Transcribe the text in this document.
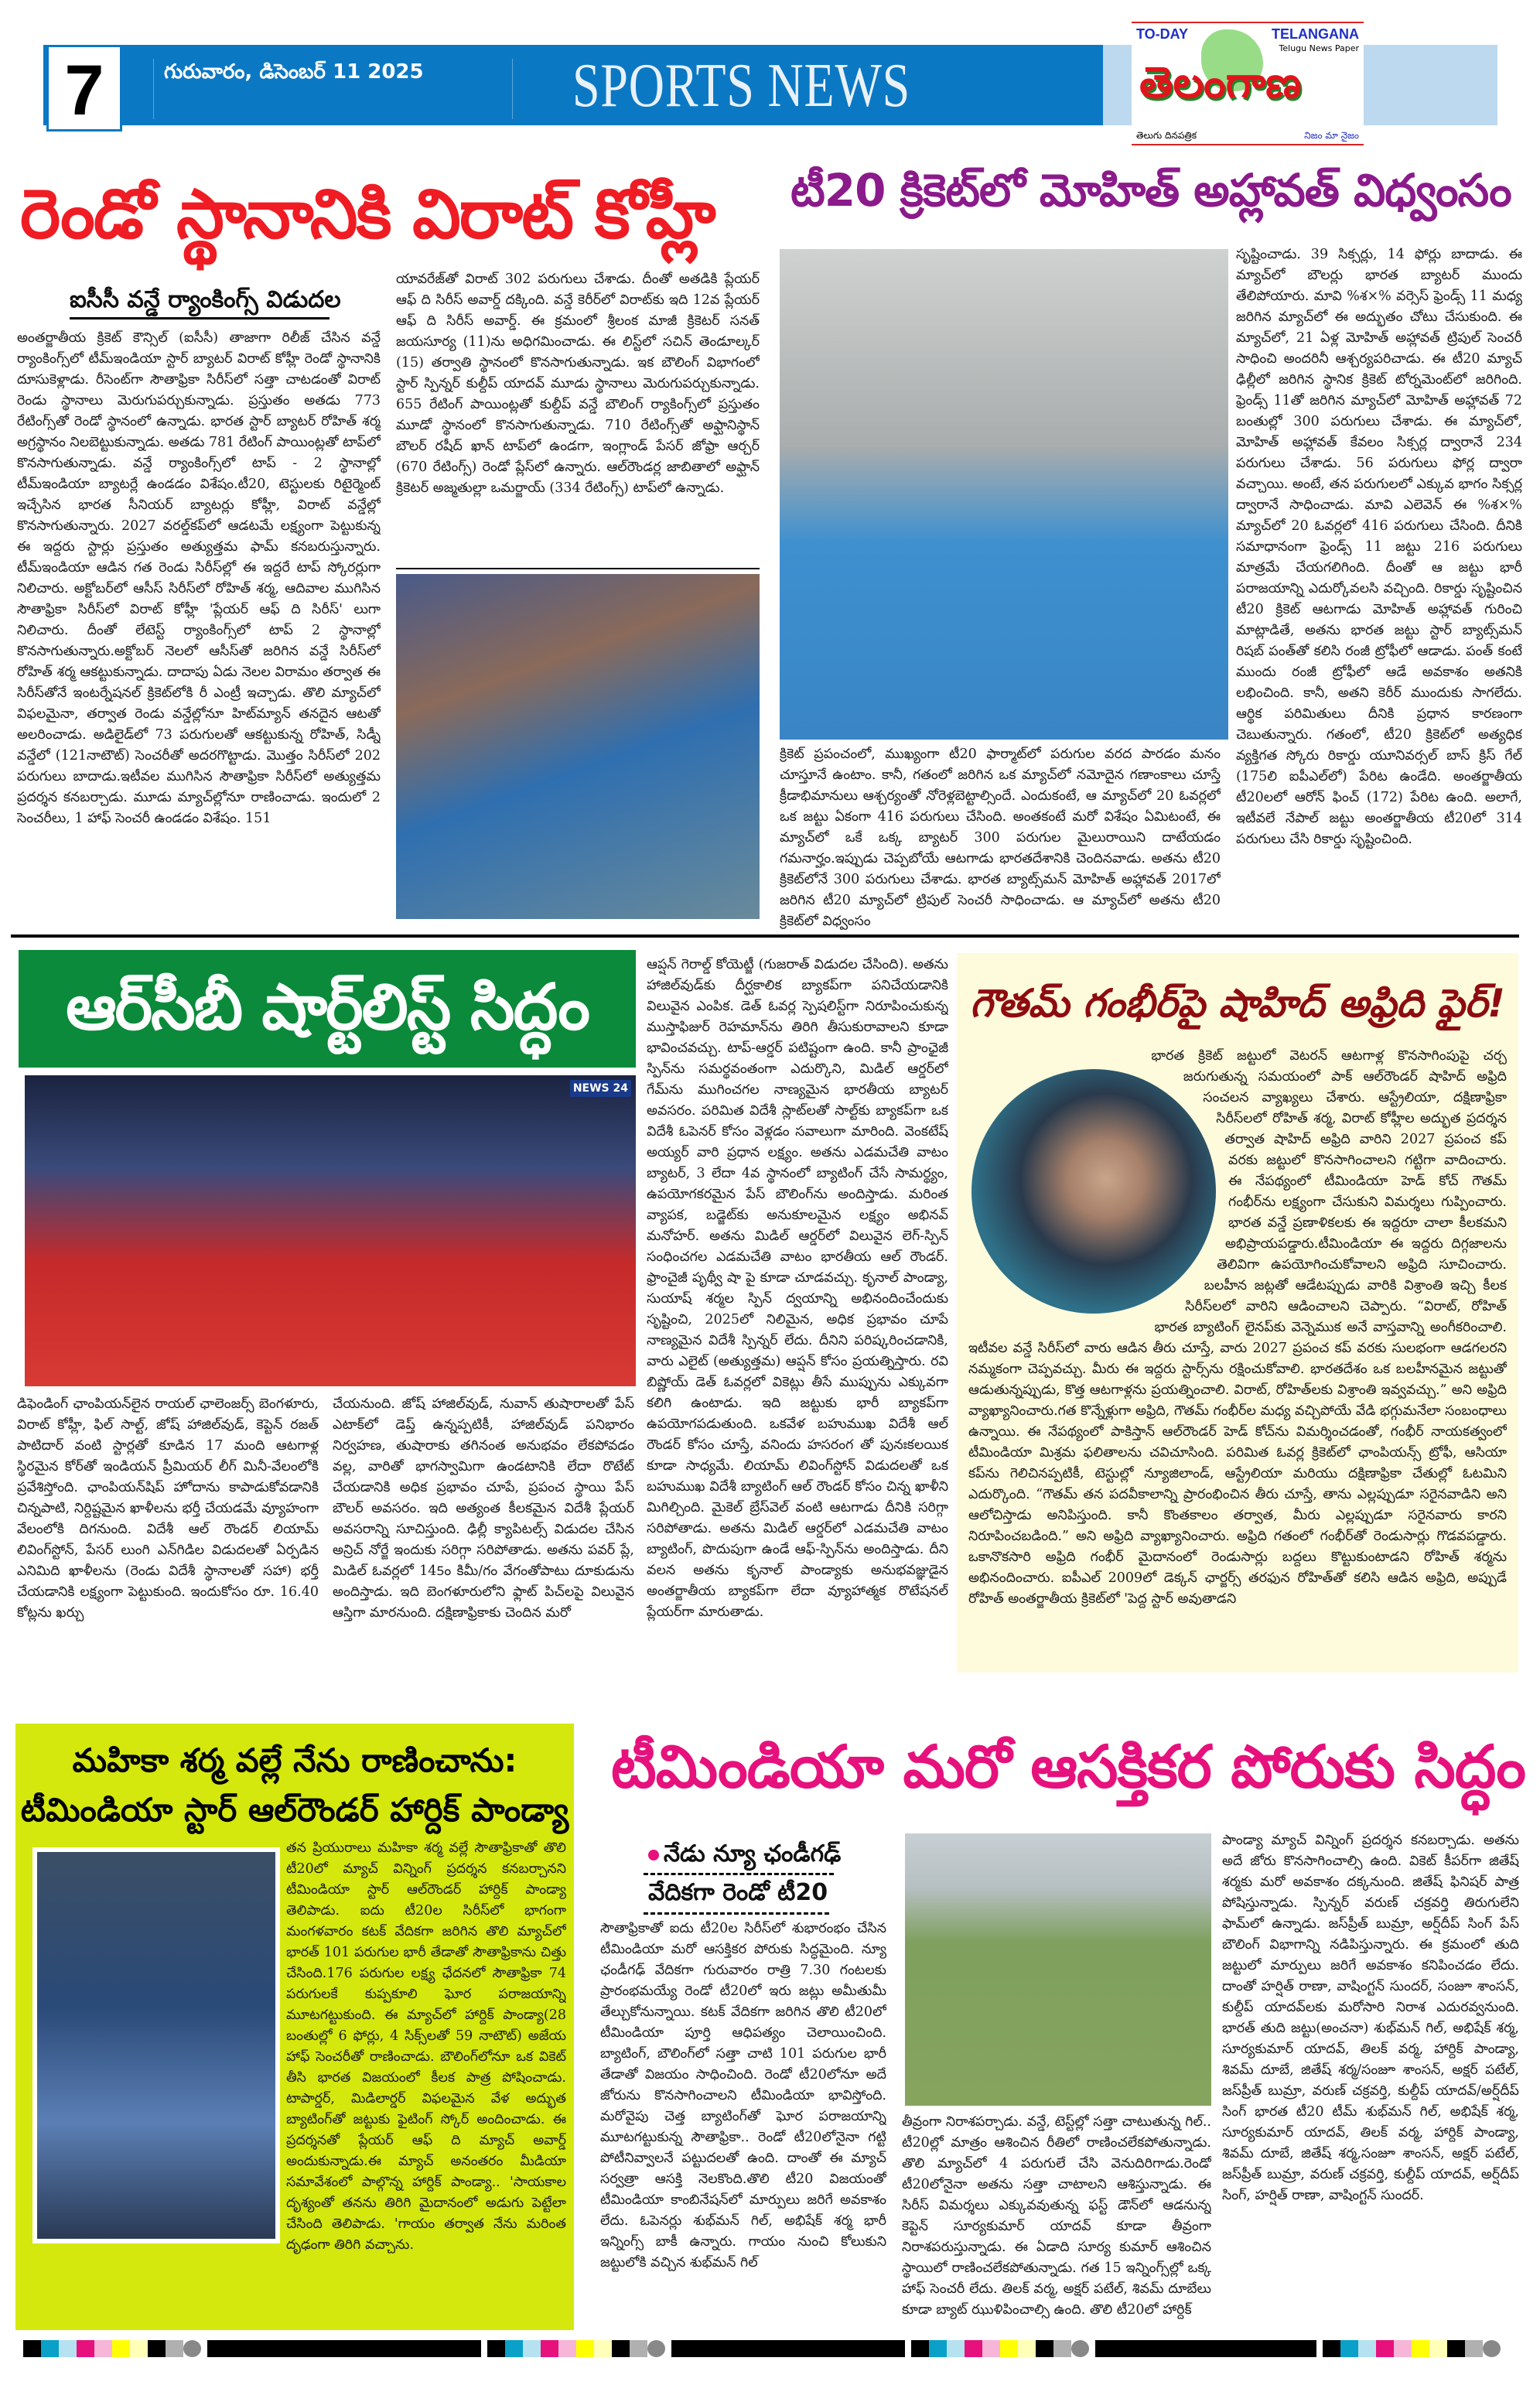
7	గురువారం, డిసెంబర్ 11 2025 SPORTS NEWS
TO-DAY	TELANGANA
Telugu News Paper
తెలంగాణ
తెలుగు దినపత్రిక	నిజం మా నైజం
రెండో స్థానానికి విరాట్ కోహ్లీ
ఐసీసీ వన్డే ర్యాంకింగ్స్ విడుదల
అంతర్జాతీయ క్రికెట్ కౌన్సిల్ (ఐసీసీ) తాజాగా రిలీజ్ చేసిన వన్డే ర్యాంకింగ్స్‌లో టీమ్ఇండియా స్టార్ బ్యాటర్ విరాట్ కోహ్లీ రెండో స్థానానికి దూసుకెళ్లాడు. రీసెంట్‌గా సౌతాఫ్రికా సిరీస్‌లో సత్తా చాటడంతో విరాట్ రెండు స్థానాలు మెరుగుపర్చుకున్నాడు. ప్రస్తుతం అతడు 773 రేటింగ్స్‌తో రెండో స్థానంలో ఉన్నాడు. భారత స్టార్ బ్యాటర్ రోహిత్ శర్మ అగ్రస్థానం నిలబెట్టుకున్నాడు. అతడు 781 రేటింగ్ పాయింట్లతో టాప్‌లో కొనసాగుతున్నాడు. వన్డే ర్యాంకింగ్స్‌లో టాప్ - 2 స్థానాల్లో టీమ్ఇండియా బ్యాటర్లే ఉండడం విశేషం.టీ20, టెస్టులకు రిటైర్మెంట్ ఇచ్చేసిన భారత సీనియర్ బ్యాటర్లు కోహ్లీ, విరాట్ వన్డేల్లో కొనసాగుతున్నారు. 2027 వరల్డ్‌కప్‌లో ఆడటమే లక్ష్యంగా పెట్టుకున్న ఈ ఇద్దరు స్టార్లు ప్రస్తుతం అత్యుత్తమ ఫామ్ కనబరుస్తున్నారు. టీమ్ఇండియా ఆడిన గత రెండు సిరీస్‌ల్లో ఈ ఇద్దరే టాప్ స్కోరర్లుగా నిలిచారు. అక్టోబర్‌లో ఆసీస్ సిరీస్‌లో రోహిత్ శర్మ, ఆదివాల ముగిసిన సౌతాఫ్రికా సిరీస్‌లో విరాట్ కోహ్లీ 'ప్లేయర్ ఆఫ్ ది సిరీస్' లుగా నిలిచారు. దీంతో లేటెస్ట్ ర్యాంకింగ్స్‌లో టాప్ 2 స్థానాల్లో కొనసాగుతున్నారు.అక్టోబర్ నెలలో ఆసీస్‌తో జరిగిన వన్డే సిరీస్‌లో రోహిత్ శర్మ ఆకట్టుకున్నాడు. దాదాపు ఏడు నెలల విరామం తర్వాత ఈ సిరీస్‌తోనే ఇంటర్నేషనల్ క్రికెట్‌లోకి రీ ఎంట్రీ ఇచ్చాడు. తొలి మ్యాచ్‌లో విఫలమైనా, తర్వాత రెండు వన్డేల్లోనూ హిట్‌మ్యాన్ తనదైన ఆటతో అలరించాడు. అడిలైడ్‌లో 73 పరుగులతో ఆకట్టుకున్న రోహిత్, సిడ్నీ వన్డేలో (121నాటౌట్) సెంచరీతో అదరగొట్టాడు. మొత్తం సిరీస్‌లో 202 పరుగులు బాదాడు.ఇటీవల ముగిసిన సౌతాఫ్రికా సిరీస్‌లో అత్యుత్తమ ప్రదర్శన కనబర్చాడు. మూడు మ్యాచ్‌ల్లోనూ రాణించాడు. ఇందులో 2 సెంచరీలు, 1 హాఫ్ సెంచరీ ఉండడం విశేషం. 151
యావరేజ్‌తో విరాట్ 302 పరుగులు చేశాడు. దీంతో అతడికి ప్లేయర్ ఆఫ్ ది సిరీస్ అవార్డ్ దక్కింది. వన్డే కెరీర్‌లో విరాట్‌కు ఇది 12వ ప్లేయర్ ఆఫ్ ది సిరీస్ అవార్డ్. ఈ క్రమంలో శ్రీలంక మాజీ క్రికెటర్ సనత్ జయసూర్య (11)ను అధిగమించాడు. ఈ లిస్ట్‌లో సచిన్ తెండూల్కర్ (15) తర్వాతి స్థానంలో కొనసాగుతున్నాడు. ఇక బౌలింగ్ విభాగంలో స్టార్ స్పిన్నర్ కుల్దీప్ యాదవ్ మూడు స్థానాలు మెరుగుపర్చుకున్నాడు. 655 రేటింగ్ పాయింట్లతో కుల్దీప్ వన్డే బౌలింగ్ ర్యాకింగ్స్‌లో ప్రస్తుతం మూడో స్థానంలో కొనసాగుతున్నాడు. 710 రేటింగ్స్‌తో అఫ్ఘానిస్థాన్ బౌలర్ రషీద్ ఖాన్ టాప్‌లో ఉండగా, ఇంగ్లాండ్ పేసర్ జోఫ్రా ఆర్చర్ (670 రేటింగ్స్) రెండో ప్లేస్‌లో ఉన్నారు. ఆల్‌రౌండర్ల జాబితాలో అఫ్ఘాన్ క్రికెటర్ అజ్మతుల్లా ఒమర్జాయ్ (334 రేటింగ్స్) టాప్‌లో ఉన్నాడు.
టీ20 క్రికెట్‌లో మోహిత్ అహ్లావత్ విధ్వంసం
క్రికెట్ ప్రపంచంలో, ముఖ్యంగా టీ20 ఫార్మాట్‌లో పరుగుల వరద పారడం మనం చూస్తూనే ఉంటాం. కానీ, గతంలో జరిగిన ఒక మ్యాచ్‌లో నమోదైన గణాంకాలు చూస్తే క్రీడాభిమానులు ఆశ్చర్యంతో నోరెళ్లబెట్టాల్సిందే. ఎందుకంటే, ఆ మ్యాచ్‌లో 20 ఓవర్లలో ఒక జట్టు ఏకంగా 416 పరుగులు చేసింది. అంతకంటే మరో విశేషం ఏమిటంటే, ఈ మ్యాచ్‌లో ఒకే ఒక్క బ్యాటర్ 300 పరుగుల మైలురాయిని దాటేయడం గమనార్హం.ఇప్పుడు చెప్పబోయే ఆటగాడు భారతదేశానికి చెందినవాడు. అతను టీ20 క్రికెట్‌లోనే 300 పరుగులు చేశాడు. భారత బ్యాట్స్‌మన్ మోహిత్ అహ్లావత్ 2017లో జరిగిన టీ20 మ్యాచ్‌లో ట్రిపుల్ సెంచరీ సాధించాడు. ఆ మ్యాచ్‌లో అతను టీ20 క్రికెట్‌లో విధ్వంసం
సృష్టించాడు. 39 సిక్సర్లు, 14 ఫోర్లు బాదాడు. ఈ మ్యాచ్‌లో బౌలర్లు భారత బ్యాటర్ ముందు తేలిపోయారు. మావి %శ×% వర్సెస్ ఫ్రెండ్స్ 11 మధ్య జరిగిన మ్యాచ్‌లో ఈ అద్భుతం చోటు చేసుకుంది. ఈ మ్యాచ్‌లో, 21 ఏళ్ల మోహిత్ అహ్లావత్ ట్రిపుల్ సెంచరీ సాధించి అందరినీ ఆశ్చర్యపరిచాడు. ఈ టీ20 మ్యాచ్ ఢిల్లీలో జరిగిన స్థానిక క్రికెట్ టోర్నమెంట్‌లో జరిగింది. ఫ్రెండ్స్ 11తో జరిగిన మ్యాచ్‌లో మోహిత్ అహ్లావత్ 72 బంతుల్లో 300 పరుగులు చేశాడు. ఈ మ్యాచ్‌లో, మోహిత్ అహ్లావత్ కేవలం సిక్సర్ల ద్వారానే 234 పరుగులు చేశాడు. 56 పరుగులు ఫోర్ల ద్వారా వచ్చాయి. అంటే, తన పరుగులలో ఎక్కువ భాగం సిక్సర్ల ద్వారానే సాధించాడు. మావి ఎలెవెన్ ఈ %శ×% మ్యాచ్‌లో 20 ఓవర్లలో 416 పరుగులు చేసింది. దీనికి సమాధానంగా ఫ్రెండ్స్ 11 జట్టు 216 పరుగులు మాత్రమే చేయగలిగింది. దీంతో ఆ జట్టు భారీ పరాజయాన్ని ఎదుర్కోవలసి వచ్చింది. రికార్డు సృష్టించిన టీ20 క్రికెట్ ఆటగాడు మోహిత్ అహ్లావత్ గురించి మాట్లాడితే, అతను భారత జట్టు స్టార్ బ్యాట్స్‌మన్ రిషబ్ పంత్‌తో కలిసి రంజీ ట్రోఫీలో ఆడాడు. పంత్ కంటే ముందు రంజీ ట్రోఫీలో ఆడే అవకాశం అతనికి లభించింది. కానీ, అతని కెరీర్ ముందుకు సాగలేదు. ఆర్థిక పరిమితులు దీనికి ప్రధాన కారణంగా చెబుతున్నారు. గతంలో, టీ20 క్రికెట్‌లో అత్యధిక వ్యక్తిగత స్కోరు రికార్డు యూనివర్సల్ బాస్ క్రిస్ గేల్ (175లి ఐపీఎల్‌లో) పేరిట ఉండేది. అంతర్జాతీయ టీ20లలో ఆరోన్ ఫించ్ (172) పేరిట ఉంది. అలాగే, ఇటీవలే నేపాల్ జట్టు అంతర్జాతీయ టీ20లో 314 పరుగులు చేసి రికార్డు సృష్టించింది.
ఆర్‌సీబీ షార్ట్‌లిస్ట్ సిద్ధం
NEWS 24
డిఫెండింగ్ ఛాంపియన్‌లైన రాయల్ ఛాలెంజర్స్ బెంగళూరు, విరాట్ కోహ్లీ, ఫిల్ సాల్ట్, జోష్ హాజిల్‌వుడ్, కెప్టెన్ రజత్ పాటిదార్ వంటి స్టార్లతో కూడిన 17 మంది ఆటగాళ్ల స్థిరమైన కోర్‌తో ఇండియన్ ప్రీమియర్ లీగ్ మినీ-వేలంలోకి ప్రవేశిస్తోంది. ఛాంపియన్‌షిప్ హోదాను కాపాడుకోవడానికి చిన్నపాటి, నిర్దిష్టమైన ఖాళీలను భర్తీ చేయడమే వ్యూహంగా వేలంలోకి దిగనుంది. విదేశీ ఆల్ రౌండర్ లియామ్ లివింగ్‌స్టోన్, పేసర్ లుంగి ఎన్‌గిడిల విడుదలతో ఏర్పడిన ఎనిమిది ఖాళీలను (రెండు విదేశీ స్థానాలతో సహా) భర్తీ చేయడానికి లక్ష్యంగా పెట్టుకుంది. ఇందుకోసం రూ. 16.40 కోట్లను ఖర్చు
చేయనుంది. జోష్ హాజిల్‌వుడ్, నువాన్ తుషారాలతో పేస్ ఎటాక్‌లో డెప్త్ ఉన్నప్పటికీ, హాజిల్‌వుడ్ పనిభారం నిర్వహణ, తుషారాకు తగినంత అనుభవం లేకపోవడం వల్ల, వారితో భాగస్వామిగా ఉండటానికి లేదా రొటేట్ చేయడానికి అధిక ప్రభావం చూపే, ప్రపంచ స్థాయి పేస్ బౌలర్ అవసరం. ఇది అత్యంత కీలకమైన విదేశీ ప్లేయర్ అవసరాన్ని సూచిస్తుంది. ఢిల్లీ క్యాపిటల్స్ విడుదల చేసిన అన్రిచ్ నోర్జే ఇందుకు సరిగ్గా సరిపోతాడు. అతను పవర్ ప్లే, మిడిల్ ఓవర్లలో 145ం కిమీ/గం వేగంతోపాటు దూకుడును అందిస్తాడు. ఇది బెంగళూరులోని ఫ్లాట్ పిచ్‌లపై విలువైన ఆస్తిగా మారనుంది. దక్షిణాఫ్రికాకు చెందిన మరో
ఆప్షన్ గెరాల్డ్ కోయెట్జీ (గుజరాత్ విడుదల చేసింది). అతను హాజిల్‌వుడ్‌కు దీర్ఘకాలిక బ్యాకప్‌గా పనిచేయడానికి విలువైన ఎంపిక. డెత్ ఓవర్ల స్పెషలిస్ట్‌గా నిరూపించుకున్న ముస్తాఫిజుర్ రెహమాన్‌ను తిరిగి తీసుకురావాలని కూడా భావించవచ్చు. టాప్-ఆర్డర్ పటిష్టంగా ఉంది. కానీ ప్రాంఛైజీ స్పిన్‌ను సమర్థవంతంగా ఎదుర్కొని, మిడిల్ ఆర్డర్‌లో గేమ్‌ను ముగించగల నాణ్యమైన భారతీయ బ్యాటర్ అవసరం. పరిమిత విదేశీ స్లాట్‌లతో సాల్ట్‌కు బ్యాకప్‌గా ఒక విదేశీ ఓపెనర్ కోసం వెళ్లడం సవాలుగా మారింది. వెంకటేష్ అయ్యర్ వారి ప్రధాన లక్ష్యం. అతను ఎడమచేతి వాటం బ్యాటర్, 3 లేదా 4వ స్థానంలో బ్యాటింగ్ చేసే సామర్థ్యం, ఉపయోగకరమైన పేస్ బౌలింగ్‌ను అందిస్తాడు. మరింత వ్యాపక, బడ్జెట్‌కు అనుకూలమైన లక్ష్యం అభినవ్ మనోహర్. అతను మిడిల్ ఆర్డర్‌లో విలువైన లెగ్-స్పిన్ సంధించగల ఎడమచేతి వాటం భారతీయ ఆల్ రౌండర్. ఫ్రాంచైజీ పృథ్వీ షా పై కూడా చూడవచ్చు. కృనాల్ పాండ్యా, సుయాష్ శర్మల స్పిన్ ద్వయాన్ని అభినందించేందుకు సృష్టించి, 2025లో నిలిమైన, అధిక ప్రభావం చూపే నాణ్యమైన విదేశీ స్పిన్నర్ లేదు. దీనిని పరిష్కరించడానికి, వారు ఎలైట్ (అత్యుత్తమ) ఆప్షన్ కోసం ప్రయత్నిస్తారు. రవి బిష్ణోయ్ డెత్ ఓవర్లలో వికెట్లు తీసే ముప్పును ఎక్కువగా కలిగి ఉంటాడు. ఇది జట్టుకు భారీ బ్యాకప్‌గా ఉపయోగపడుతుంది. ఒకవేళ బహుముఖ విదేశీ ఆల్ రౌండర్ కోసం చూస్తే, వనిందు హసరంగ తో పునఃకలయిక కూడా సాధ్యమే. లియామ్ లివింగ్‌స్టోన్ విడుదలతో ఒక బహుముఖ విదేశీ బ్యాటింగ్ ఆల్ రౌండర్ కోసం చిన్న ఖాళీని మిగిల్చింది. మైకెల్ బ్రేస్‌వెల్ వంటి ఆటగాడు దీనికి సరిగ్గా సరిపోతాడు. అతను మిడిల్ ఆర్డర్‌లో ఎడమచేతి వాటం బ్యాటింగ్, పొదుపుగా ఉండే ఆఫ్-స్పిన్‌ను అందిస్తాడు. దీని వలన అతను కృనాల్ పాండ్యాకు అనుభవజ్ఞుడైన అంతర్జాతీయ బ్యాకప్‌గా లేదా వ్యూహాత్మక రొటేషనల్ ప్లేయర్‌గా మారుతాడు.
గౌతమ్ గంభీర్‌పై షాహిద్ అఫ్రిది ఫైర్!
భారత క్రికెట్ జట్టులో వెటరన్ ఆటగాళ్ల కొనసాగింపుపై చర్చ జరుగుతున్న సమయంలో పాక్ ఆల్‌రౌండర్ షాహిద్ అఫ్రిది సంచలన వ్యాఖ్యలు చేశారు. ఆస్ట్రేలియా, దక్షిణాఫ్రికా సిరీస్‌లలో రోహిత్ శర్మ, విరాట్ కోహ్లీల అద్భుత ప్రదర్శన తర్వాత షాహిద్ అఫ్రిది వారిని 2027 ప్రపంచ కప్ వరకు జట్టులో కొనసాగించాలని గట్టిగా వాదించారు. ఈ నేపథ్యంలో టీమిండియా హెడ్ కోచ్ గౌతమ్ గంభీర్‌ను లక్ష్యంగా చేసుకుని విమర్శలు గుప్పించారు. భారత వన్డే ప్రణాళికలకు ఈ ఇద్దరూ చాలా కీలకమని అభిప్రాయపడ్డారు.టీమిండియా ఈ ఇద్దరు దిగ్గజాలను తెలివిగా ఉపయోగించుకోవాలని అఫ్రిది సూచించారు. బలహీన జట్లతో ఆడేటప్పుడు వారికి విశ్రాంతి ఇచ్చి కీలక సిరీస్‌లలో వారిని ఆడించాలని చెప్పారు. “విరాట్, రోహిత్ భారత బ్యాటింగ్ లైనప్‌కు వెన్నెముక అనే వాస్తవాన్ని అంగీకరించాలి. ఇటీవల వన్డే సిరీస్‌లో వారు ఆడిన తీరు చూస్తే, వారు 2027 ప్రపంచ కప్ వరకు సులభంగా ఆడగలరని నమ్మకంగా చెప్పవచ్చు. మీరు ఈ ఇద్దరు స్టార్స్‌ను రక్షించుకోవాలి. భారతదేశం ఒక బలహీనమైన జట్టుతో ఆడుతున్నప్పుడు, కొత్త ఆటగాళ్లను ప్రయత్నించాలి. విరాట్, రోహిత్‌లకు విశ్రాంతి ఇవ్వవచ్చు.” అని అఫ్రిది వ్యాఖ్యానించారు.గత కొన్నేళ్లుగా అఫ్రిది, గౌతమ్ గంభీర్‌ల మధ్య వచ్చిపోయే వేడి భగ్గుమనేలా సంబంధాలు ఉన్నాయి. ఈ నేపథ్యంలో పాకిస్తాన్ ఆల్‌రౌండర్ హెడ్ కోచ్‌ను విమర్శించడంతో, గంభీర్ నాయకత్వంలో టీమిండియా మిశ్రమ ఫలితాలను చవిచూసింది. పరిమిత ఓవర్ల క్రికెట్‌లో ఛాంపియన్స్ ట్రోఫీ, ఆసియా కప్‌ను గెలిచినప్పటికీ, టెస్టుల్లో న్యూజిలాండ్, ఆస్ట్రేలియా మరియు దక్షిణాఫ్రికా చేతుల్లో ఓటమిని ఎదుర్కొంది. “గౌతమ్ తన పదవీకాలాన్ని ప్రారంభించిన తీరు చూస్తే, తాను ఎల్లప్పుడూ సరైనవాడిని అని ఆలోచిస్తాడు అనిపిస్తుంది. కానీ కొంతకాలం తర్వాత, మీరు ఎల్లప్పుడూ సరైనవారు కారని నిరూపించబడింది.” అని అఫ్రిది వ్యాఖ్యానించారు. అఫ్రిది గతంలో గంభీర్‌తో రెండుసార్లు గొడవపడ్డారు. ఒకానొకసారి అఫ్రిది గంభీర్ మైదానంలో రెండుసార్లు బద్దలు కొట్టుకుంటాడని రోహిత్ శర్మను అభినందించారు. ఐపీఎల్ 2009లో డెక్కన్ ఛార్జర్స్ తరఫున రోహిత్‌తో కలిసి ఆడిన అఫ్రిది, అప్పుడే రోహిత్ అంతర్జాతీయ క్రికెట్‌లో 'పెద్ద స్టార్ అవుతాడని
మహికా శర్మ వల్లే నేను రాణించాను:
టీమిండియా స్టార్ ఆల్‌రౌండర్ హార్దిక్ పాండ్యా
తన ప్రియురాలు మహికా శర్మ వల్లే సౌతాఫ్రికాతో తొలి టీ20లో మ్యాచ్ విన్నింగ్ ప్రదర్శన కనబర్చానని టీమిండియా స్టార్ ఆల్‌రౌండర్ హార్దిక్ పాండ్యా తెలిపాడు. ఐదు టీ20ల సిరీస్‌లో భాగంగా మంగళవారం కటక్ వేదికగా జరిగిన తొలి మ్యాచ్‌లో భారత్ 101 పరుగుల భారీ తేడాతో సౌతాఫ్రికాను చిత్తు చేసింది.176 పరుగుల లక్ష్య ఛేదనలో సౌతాఫ్రికా 74 పరుగులకే కుప్పకూలి ఘోర పరాజయాన్ని మూటగట్టుకుంది. ఈ మ్యాచ్‌లో హార్దిక్ పాండ్యా(28 బంతుల్లో 6 ఫోర్లు, 4 సిక్స్‌లతో 59 నాటౌట్) అజేయ హాఫ్ సెంచరీతో రాణించాడు. బౌలింగ్‌లోనూ ఒక వికెట్ తీసి భారత విజయంలో కీలక పాత్ర పోషించాడు. టాపార్డర్, మిడిలార్డర్ విఫలమైన వేళ అద్భుత బ్యాటింగ్‌తో జట్టుకు ఫైటింగ్ స్కోర్ అందించాడు. ఈ ప్రదర్శనతో ప్లేయర్ ఆఫ్ ది మ్యాచ్ అవార్డ్ అందుకున్నాడు.ఈ మ్యాచ్ అనంతరం మీడియా సమావేశంలో పాల్గొన్న హార్దిక్ పాండ్యా.. 'సాయకాల దృశ్యంతో తనను తిరిగి మైదానంలో అడుగు పెట్టేలా చేసింది తెలిపాడు. 'గాయం తర్వాత నేను మరింత దృఢంగా తిరిగి వచ్చాను.
టీమిండియా మరో ఆసక్తికర పోరుకు సిద్ధం
నేడు న్యూ ఛండీగఢ్
వేదికగా రెండో టీ20
సౌతాఫ్రికాతో ఐదు టీ20ల సిరీస్‌లో శుభారంభం చేసిన టీమిండియా మరో ఆసక్తికర పోరుకు సిద్ధమైంది. న్యూ ఛండీగఢ్ వేదికగా గురువారం రాత్రి 7.30 గంటలకు ప్రారంభమయ్యే రెండో టీ20లో ఇరు జట్లు అమీతుమీ తేల్చుకోనున్నాయి. కటక్ వేదికగా జరిగిన తొలి టీ20లో టీమిండియా పూర్తి ఆధిపత్యం చెలాయించింది. బ్యాటింగ్, బౌలింగ్‌లో సత్తా చాటి 101 పరుగుల భారీ తేడాతో విజయం సాధించింది. రెండో టీ20లోనూ అదే జోరును కొనసాగించాలని టీమిండియా భావిస్తోంది. మరోవైపు చెత్త బ్యాటింగ్‌తో ఘోర పరాజయాన్ని మూటగట్టుకున్న సౌతాఫ్రికా.. రెండో టీ20లోనైనా గట్టి పోటీనివ్వాలనే పట్టుదలతో ఉంది. దాంతో ఈ మ్యాచ్ సర్వత్రా ఆసక్తి నెలకొంది.తొలి టీ20 విజయంతో టీమిండియా కాంబినేషన్‌లో మార్పులు జరిగే అవకాశం లేదు. ఓపెనర్లు శుభ్‌మన్ గిల్, అభిషేక్ శర్మ భారీ ఇన్నింగ్స్ బాకీ ఉన్నారు. గాయం నుంచి కోలుకుని జట్టులోకి వచ్చిన శుభ్‌మన్ గిల్
తీవ్రంగా నిరాశపర్చాడు. వన్డే, టెస్ట్‌ల్లో సత్తా చాటుతున్న గిల్.. టీ20ల్లో మాత్రం ఆశించిన రీతిలో రాణించలేకపోతున్నాడు. తొలి మ్యాచ్‌లో 4 పరుగులే చేసి వెనుదిరిగాడు.రెండో టీ20లోనైనా అతను సత్తా చాటాలని ఆశిస్తున్నాడు. ఈ సిరీస్ విమర్శలు ఎక్కువవుతున్న ఫస్ట్ డౌన్‌లో ఆడనున్న కెప్టెన్ సూర్యకుమార్ యాదవ్ కూడా తీవ్రంగా నిరాశపరుస్తున్నాడు. ఈ ఏడాది సూర్య కుమార్ ఆశించిన స్థాయిలో రాణించలేకపోతున్నాడు. గత 15 ఇన్నింగ్స్‌ల్లో ఒక్క హాఫ్ సెంచరీ లేదు. తిలక్ వర్మ, అక్షర్ పటేల్, శివమ్ దూబేలు కూడా బ్యాట్ ఝుళిపించాల్సి ఉంది. తొలి టీ20లో హార్దిక్
పాండ్యా మ్యాచ్ విన్నింగ్ ప్రదర్శన కనబర్చాడు. అతను అదే జోరు కొనసాగించాల్సి ఉంది. వికెట్ కీపర్‌గా జితేష్ శర్మకు మరో అవకాశం దక్కనుంది. జితేష్ ఫినిషర్ పాత్ర పోషిస్తున్నాడు. స్పిన్నర్ వరుణ్ చక్రవర్తి తిరుగులేని ఫామ్‌లో ఉన్నాడు. జస్‌ప్రీత్ బుమ్రా, అర్ష్‌దీప్ సింగ్ పేస్ బౌలింగ్ విభాగాన్ని నడిపిస్తున్నారు. ఈ క్రమంలో తుది జట్టులో మార్పులు జరిగే అవకాశం కనిపించడం లేదు. దాంతో హర్షిత్ రాణా, వాషింగ్టన్ సుందర్, సంజూ శాంసన్, కుల్దీప్ యాదవ్‌లకు మరోసారి నిరాశ ఎదురవ్వనుంది. భారత్ తుది జట్టు(అంచనా) శుభ్‌మన్ గిల్, అభిషేక్ శర్మ, సూర్యకుమార్ యాదవ్, తిలక్ వర్మ, హార్దిక్ పాండ్యా, శివమ్ దూబే, జితేష్ శర్మ/సంజూ శాంసన్, అక్షర్ పటేల్, జస్‌ప్రీత్ బుమ్రా, వరుణ్ చక్రవర్తి, కుల్దీప్ యాదవ్/అర్ష్‌దీప్ సింగ్ భారత టీ20 టీమ్ శుభ్‌మన్ గిల్, అభిషేక్ శర్మ, సూర్యకుమార్ యాదవ్, తిలక్ వర్మ, హార్దిక్ పాండ్యా, శివమ్ దూబే, జితేష్ శర్మ,సంజూ శాంసన్, అక్షర్ పటేల్, జస్‌ప్రీత్ బుమ్రా, వరుణ్ చక్రవర్తి, కుల్దీప్ యాదవ్, అర్ష్‌దీప్ సింగ్, హర్షిత్ రాణా, వాషింగ్టన్ సుందర్.
